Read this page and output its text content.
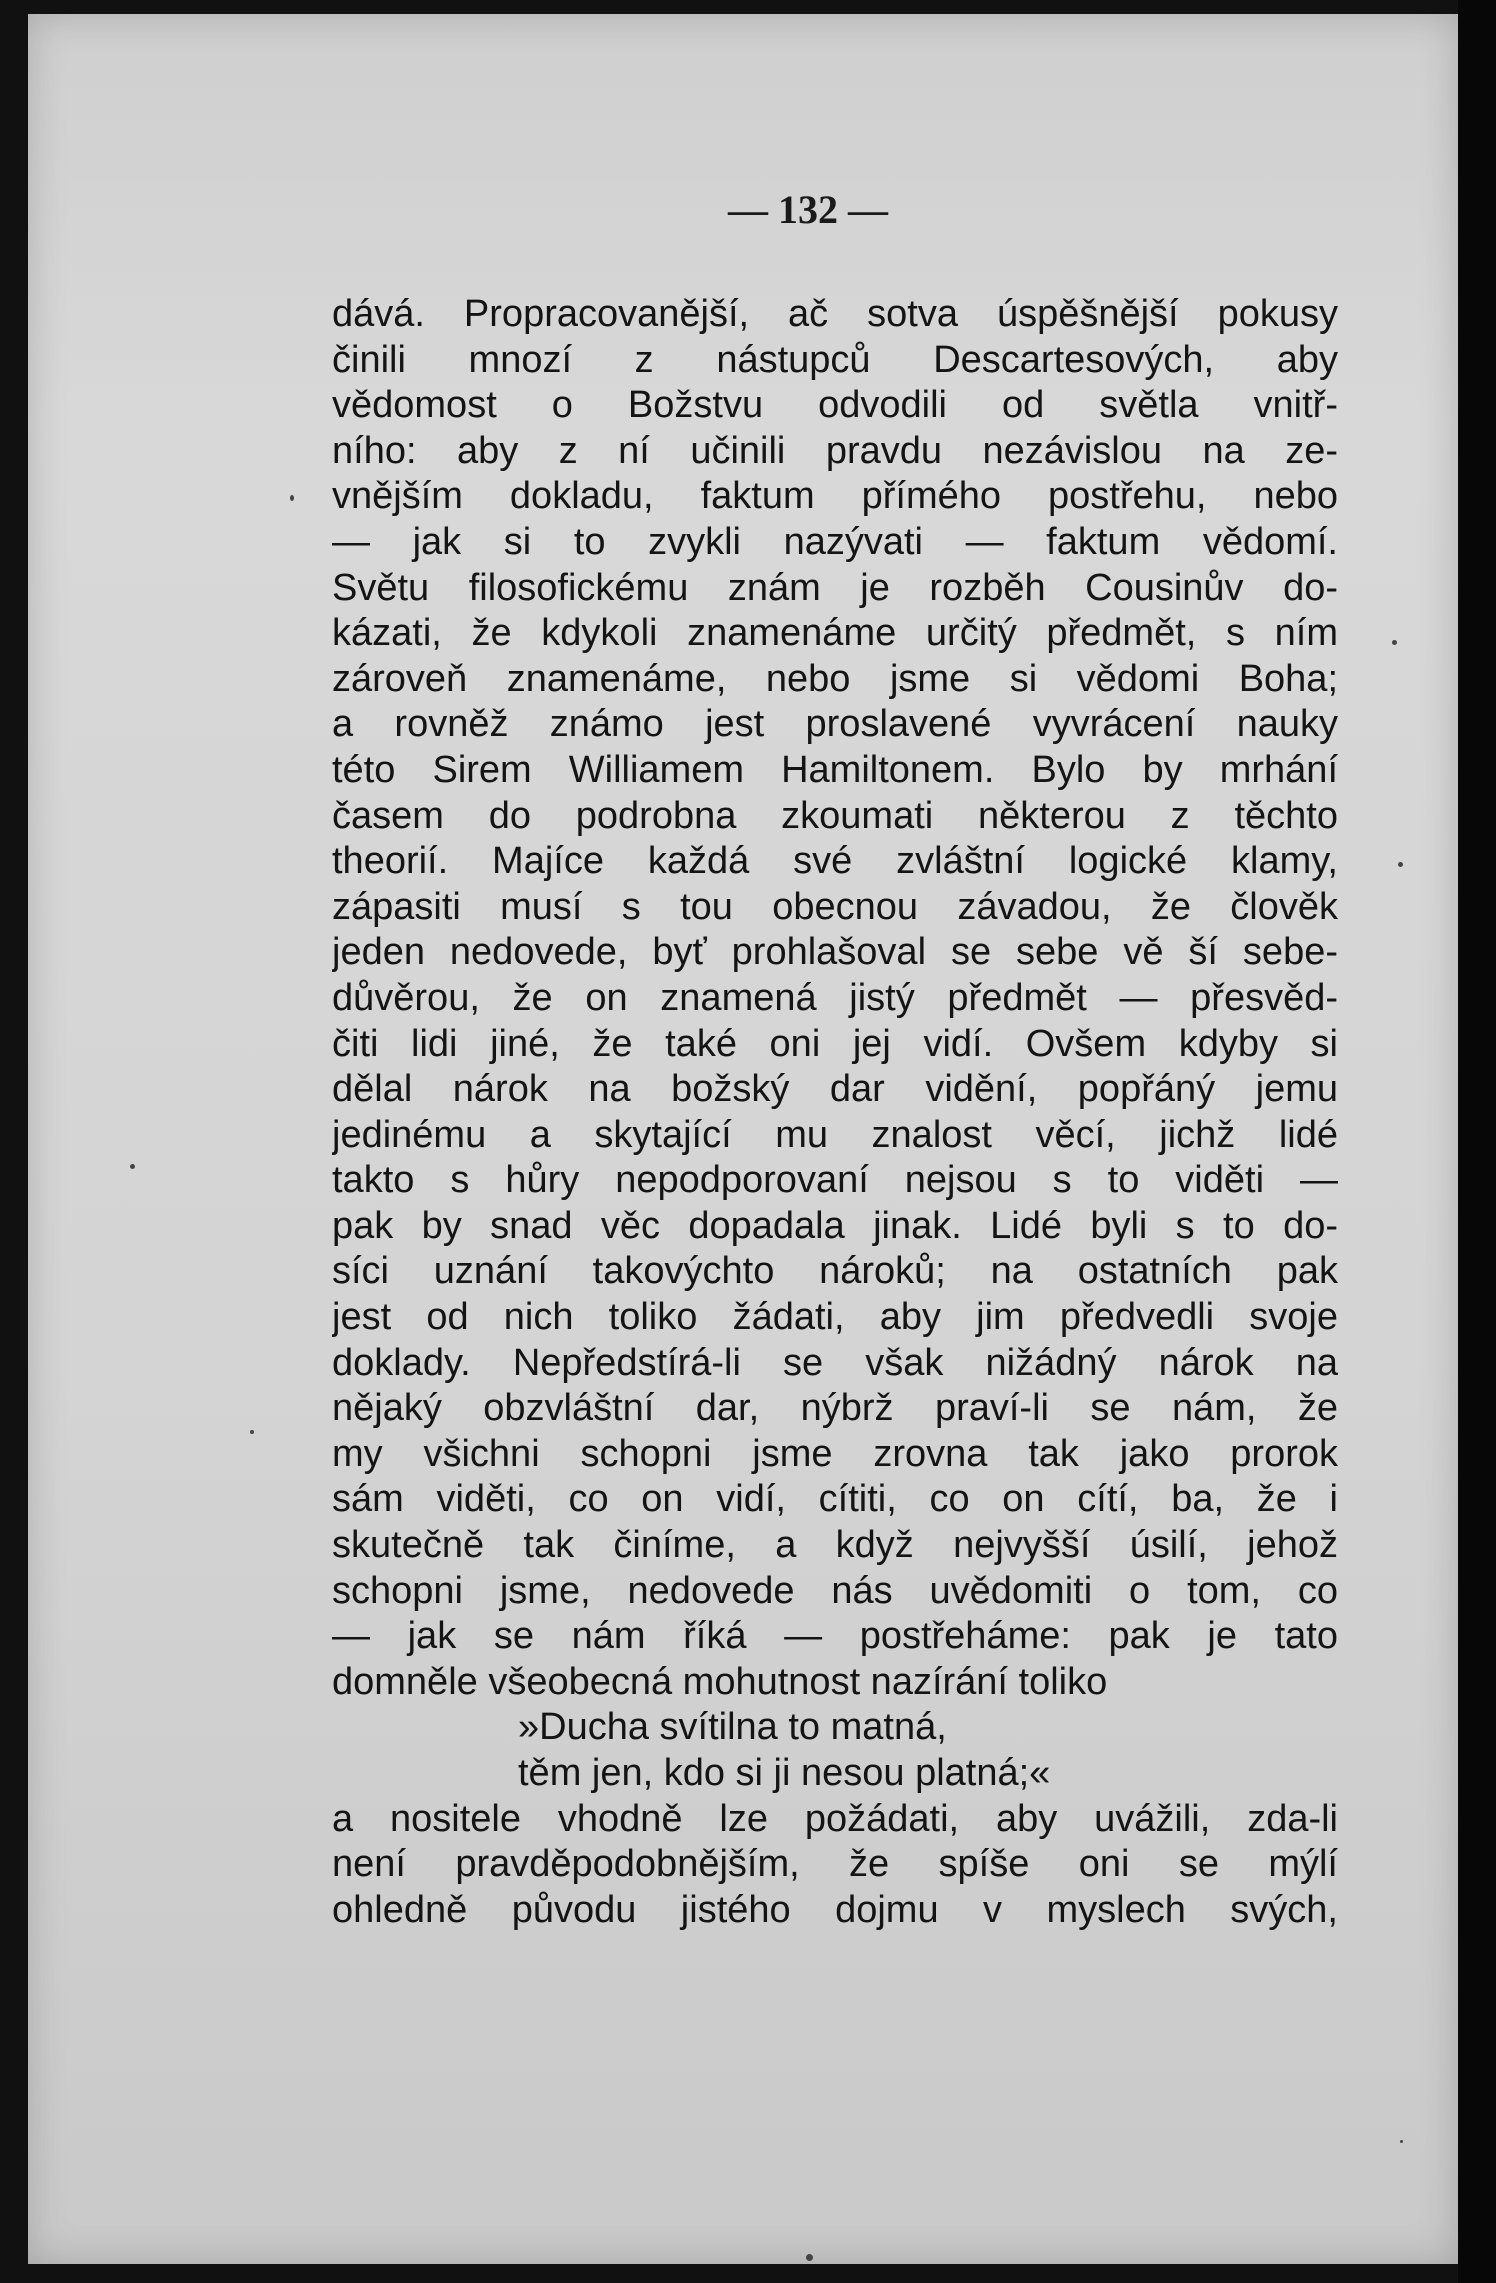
— 132 —
dává. Propracovanější, ač sotva úspěšnější pokusy
činili mnozí z nástupců Descartesových, aby
vědomost o Božstvu odvodili od světla vnitř-
ního: aby z ní učinili pravdu nezávislou na ze-
vnějším dokladu, faktum přímého postřehu, nebo
— jak si to zvykli nazývati — faktum vědomí.
Světu filosofickému znám je rozběh Cousinův do-
kázati, že kdykoli znamenáme určitý předmět, s ním
zároveň znamenáme, nebo jsme si vědomi Boha;
a rovněž známo jest proslavené vyvrácení nauky
této Sirem Williamem Hamiltonem. Bylo by mrhání
časem do podrobna zkoumati některou z těchto
theorií. Majíce každá své zvláštní logické klamy,
zápasiti musí s tou obecnou závadou, že člověk
jeden nedovede, byť prohlašoval se sebe vě ší sebe-
důvěrou, že on znamená jistý předmět — přesvěd-
čiti lidi jiné, že také oni jej vidí. Ovšem kdyby si
dělal nárok na božský dar vidění, popřáný jemu
jedinému a skytající mu znalost věcí, jichž lidé
takto s hůry nepodporovaní nejsou s to viděti —
pak by snad věc dopadala jinak. Lidé byli s to do-
síci uznání takovýchto nároků; na ostatních pak
jest od nich toliko žádati, aby jim předvedli svoje
doklady. Nepředstírá-li se však nižádný nárok na
nějaký obzvláštní dar, nýbrž praví-li se nám, že
my všichni schopni jsme zrovna tak jako prorok
sám viděti, co on vidí, cítiti, co on cítí, ba, že i
skutečně tak činíme, a když nejvyšší úsilí, jehož
schopni jsme, nedovede nás uvědomiti o tom, co
— jak se nám říká — postřeháme: pak je tato
domněle všeobecná mohutnost nazírání toliko
»Ducha svítilna to matná,
těm jen, kdo si ji nesou platná;«
a nositele vhodně lze požádati, aby uvážili, zda-li
není pravděpodobnějším, že spíše oni se mýlí
ohledně původu jistého dojmu v myslech svých,
